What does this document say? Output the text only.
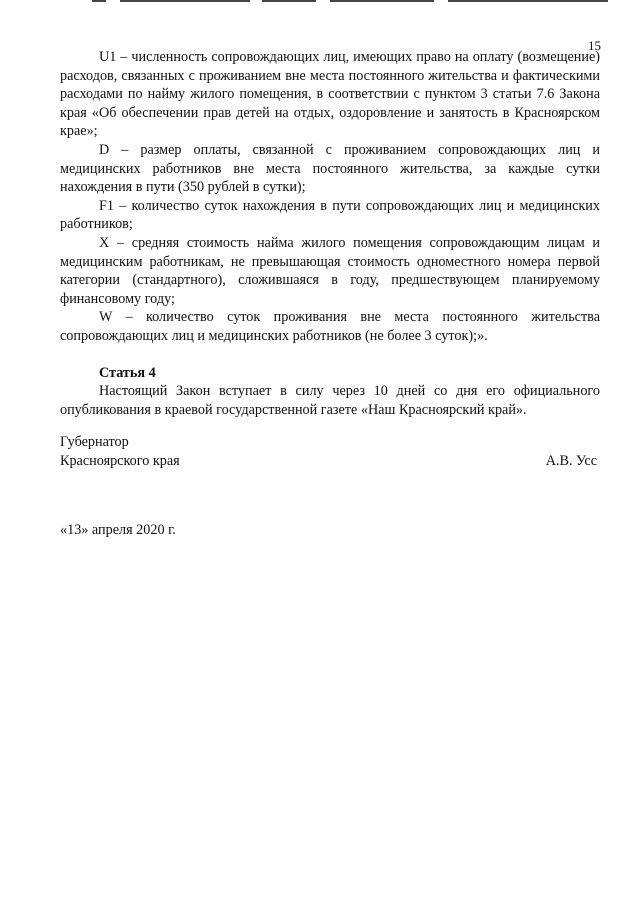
15

U1 – численность сопровождающих лиц, имеющих право на оплату (возмещение) расходов, связанных с проживанием вне места постоянного жительства и фактическими расходами по найму жилого помещения, в соответствии с пунктом 3 статьи 7.6 Закона края «Об обеспечении прав детей на отдых, оздоровление и занятость в Красноярском крае»;

D – размер оплаты, связанной с проживанием сопровождающих лиц и медицинских работников вне места постоянного жительства, за каждые сутки нахождения в пути (350 рублей в сутки);

F1 – количество суток нахождения в пути сопровождающих лиц и медицинских работников;

X – средняя стоимость найма жилого помещения сопровождающим лицам и медицинским работникам, не превышающая стоимость одноместного номера первой категории (стандартного), сложившаяся в году, предшествующем планируемому финансовому году;

W – количество суток проживания вне места постоянного жительства сопровождающих лиц и медицинских работников (не более 3 суток);».

Статья 4

Настоящий Закон вступает в силу через 10 дней со дня его официального опубликования в краевой государственной газете «Наш Красноярский край».

Губернатор
Красноярского края	А.В. Усс
«13» апреля 2020 г.
